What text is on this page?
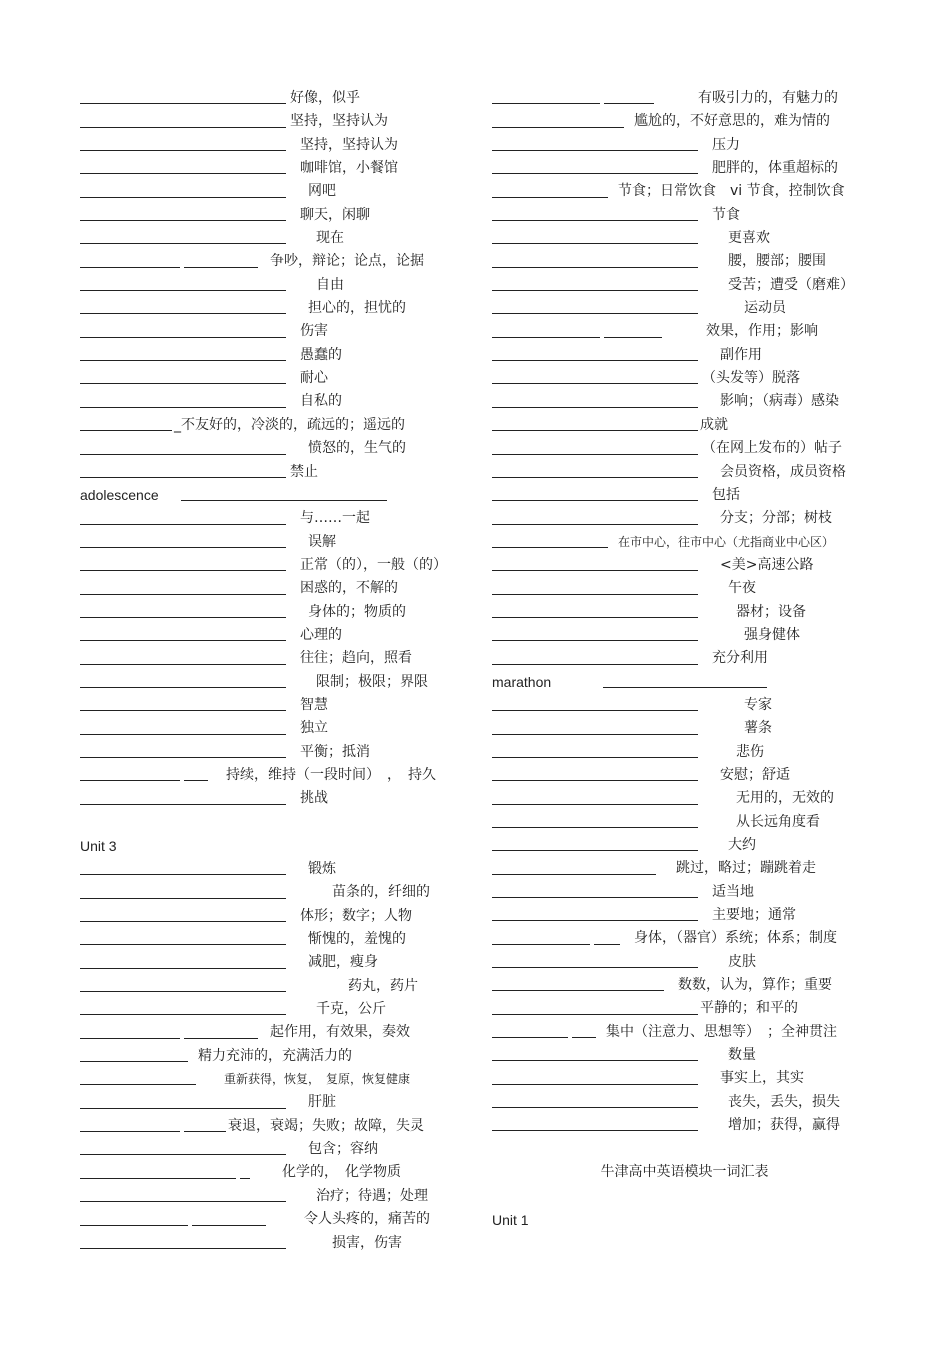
好像，似乎
坚持，坚持认为
坚持，坚持认为
咖啡馆，小餐馆
网吧
聊天，闲聊
现在
争吵，辩论；论点，论据
自由
担心的，担忧的
伤害
愚蠢的
耐心
自私的
_不友好的，冷淡的，疏远的；遥远的
愤怒的，生气的
禁止
adolescence
与……一起
误解
正常（的），一般（的）
困惑的，不解的
身体的；物质的
心理的
往往；趋向，照看
限制；极限；界限
智慧
独立
平衡；抵消
持续，维持（一段时间）　，　持久
挑战
Unit 3
锻炼
苗条的，纤细的
体形；数字；人物
惭愧的，羞愧的
减肥，瘦身
药丸，药片
千克，公斤
起作用，有效果，奏效
精力充沛的，充满活力的
重新获得，恢复，　复原，恢复健康
肝脏
衰退，衰竭；失败；故障，失灵
包含；容纳
化学的，　化学物质
治疗；待遇；处理
令人头疼的，痛苦的
损害，伤害
有吸引力的，有魅力的
尴尬的，不好意思的，难为情的
压力
肥胖的，体重超标的
节食；日常饮食　vi 节食，控制饮食
节食
更喜欢
腰，腰部；腰围
受苦；遭受（磨难）
运动员
效果，作用；影响
副作用
（头发等）脱落
影响；（病毒）感染
成就
（在网上发布的）帖子
会员资格，成员资格
包括
分支；分部；树枝
在市中心，往市中心（尤指商业中心区）
<美>高速公路
午夜
器材；设备
强身健体
充分利用
marathon
专家
薯条
悲伤
安慰；舒适
无用的，无效的
从长远角度看
大约
跳过，略过；蹦跳着走
适当地
主要地；通常
身体，（器官）系统；体系；制度
皮肤
数数，认为，算作；重要
平静的；和平的
集中（注意力、思想等）　；全神贯注
数量
事实上，其实
丧失，丢失，损失
增加；获得，赢得
牛津高中英语模块一词汇表
Unit 1
